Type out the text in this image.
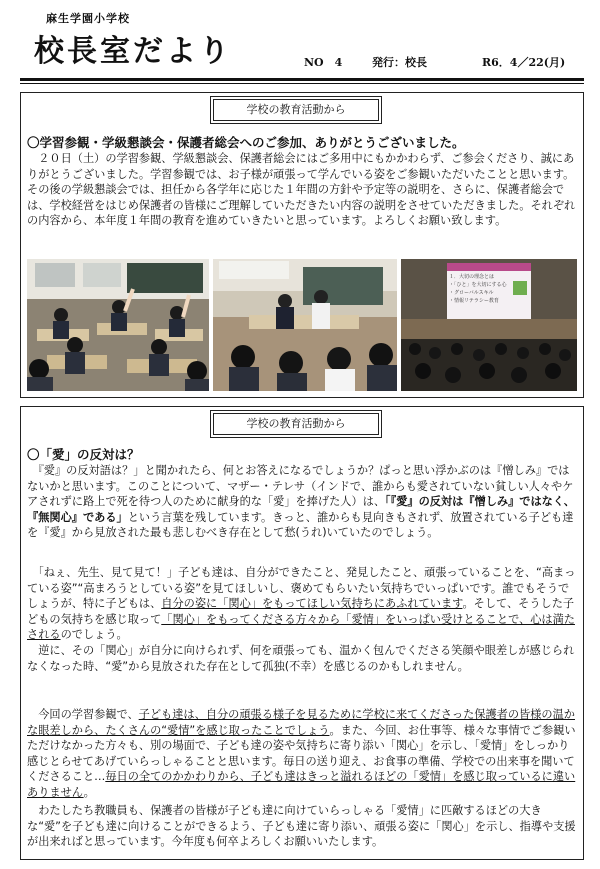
麻生学園小学校
校長室だより	NO　4	発行：校長	R6．4／22(月)
学校の教育活動から
〇学習参観・学級懇談会・保護者総会へのご参加、ありがとうございました。
　２０日（土）の学習参観、学級懇談会、保護者総会にはご多用中にもかかわらず、ご参会くださり、誠にありがとうございました。学習参観では、お子様が頑張って学んでいる姿をご参観いただいたことと思います。その後の学級懇談会では、担任から各学年に応じた１年間の方針や予定等の説明を、さらに、保護者総会では、学校経営をはじめ保護者の皆様にご理解していただきたい内容の説明をさせていただきました。それぞれの内容から、本年度１年間の教育を進めていきたいと思っています。よろしくお願い致します。
１．大切の理念とは
・「ひと」を大切にする心
・グローバルスキル
・情報リテラシー教育
学校の教育活動から
〇「愛」の反対は？
　『愛』の反対語は？」と聞かれたら、何とお答えになるでしょうか？ぱっと思い浮かぶのは『憎しみ』ではないかと思います。このことについて、マザー・テレサ（インドで、誰からも愛されていない貧しい人々やケアされずに路上で死を待つ人のために献身的な「愛」を捧げた人）は、「『愛』の反対は『憎しみ』ではなく、『無関心』である」という言葉を残しています。きっと、誰からも見向きもされず、放置されている子ども達を『愛』から見放された最も悲しむべき存在として愁(うれ)いていたのでしょう。
　「ねぇ、先生、見て見て！」子ども達は、自分ができたこと、発見したこと、頑張っていることを、“高まっている姿”“高まろうとしている姿”を見てほしいし、褒めてもらいたい気持ちでいっぱいです。誰でもそうでしょうが、特に子どもは、自分の姿に「関心」をもってほしい気持ちにあふれています。そして、そうした子どもの気持ちを感じ取って「関心」をもってくださる方々から「愛情」をいっぱい受けとることで、心は満たされるのでしょう。
　逆に、その「関心」が自分に向けられず、何を頑張っても、温かく包んでくださる笑顔や眼差しが感じられなくなった時、“愛”から見放された存在として孤独(不幸）を感じるのかもしれません。
　今回の学習参観で、子ども達は、自分の頑張る様子を見るために学校に来てくださった保護者の皆様の温かな眼差しから、たくさんの“愛情”を感じ取ったことでしょう。また、今回、お仕事等、様々な事情でご参観いただけなかった方々も、別の場面で、子ども達の姿や気持ちに寄り添い「関心」を示し、「愛情」をしっかり感じとらせてあげていらっしゃることと思います。毎日の送り迎え、お食事の準備、学校での出来事を聞いてくださること…毎日の全てのかかわりから、子ども達はきっと溢れるほどの「愛情」を感じ取っているに違いありません。
　わたしたち教職員も、保護者の皆様が子ども達に向けていらっしゃる「愛情」に匹敵するほどの大きな“愛”を子ども達に向けることができるよう、子ども達に寄り添い、頑張る姿に「関心」を示し、指導や支援が出来ればと思っています。今年度も何卒よろしくお願いいたします。
